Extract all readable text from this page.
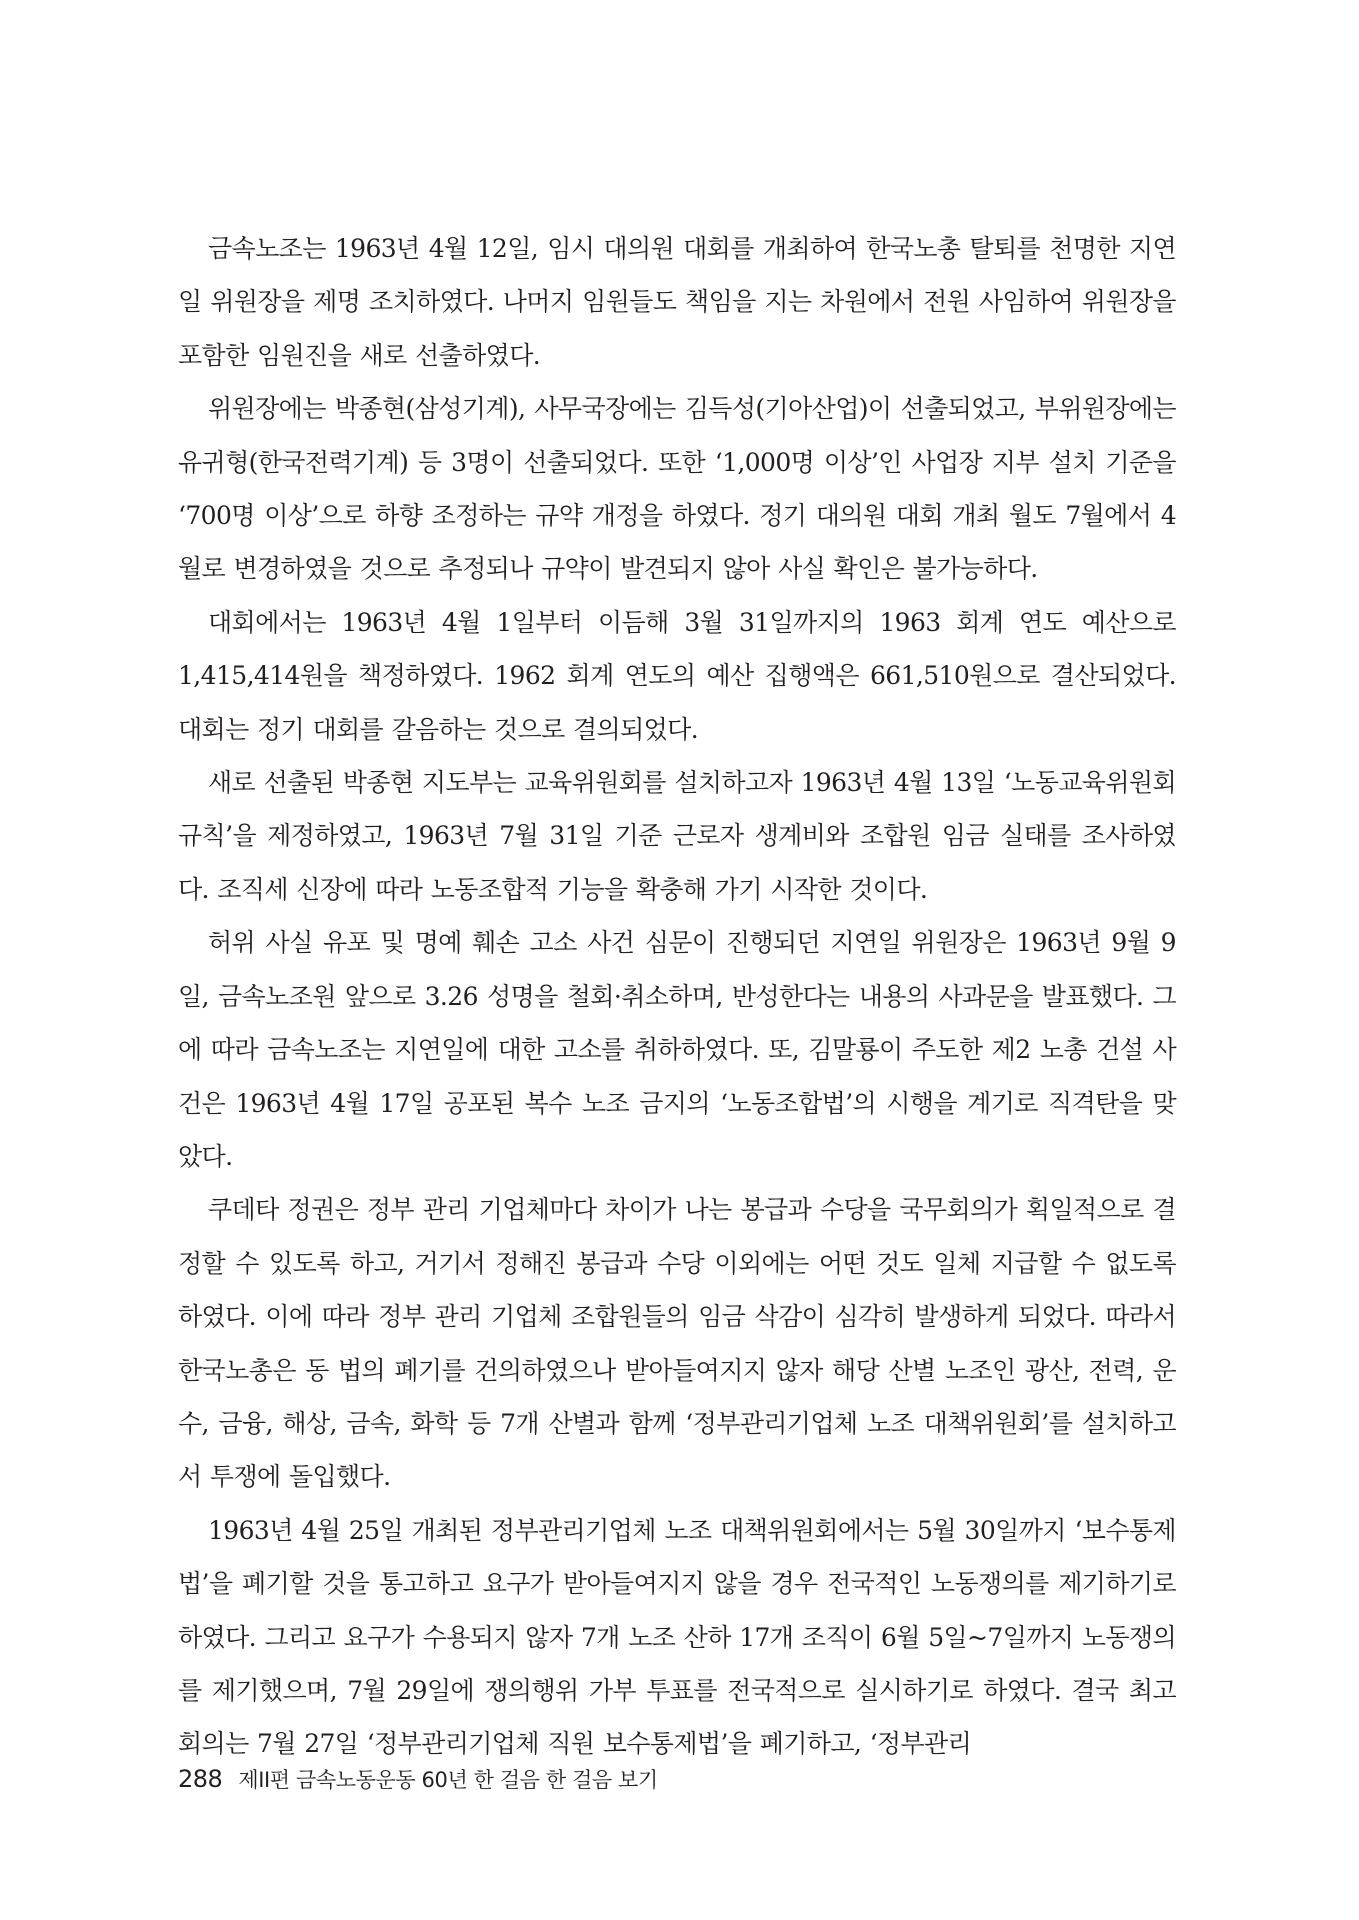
금속노조는 1963년 4월 12일, 임시 대의원 대회를 개최하여 한국노총 탈퇴를 천명한 지연일 위원장을 제명 조치하였다. 나머지 임원들도 책임을 지는 차원에서 전원 사임하여 위원장을 포함한 임원진을 새로 선출하였다.

위원장에는 박종현(삼성기계), 사무국장에는 김득성(기아산업)이 선출되었고, 부위원장에는 유귀형(한국전력기계) 등 3명이 선출되었다. 또한 ‘1,000명 이상’인 사업장 지부 설치 기준을 ‘700명 이상’으로 하향 조정하는 규약 개정을 하였다. 정기 대의원 대회 개최 월도 7월에서 4월로 변경하였을 것으로 추정되나 규약이 발견되지 않아 사실 확인은 불가능하다.

대회에서는 1963년 4월 1일부터 이듬해 3월 31일까지의 1963 회계 연도 예산으로 1,415,414원을 책정하였다. 1962 회계 연도의 예산 집행액은 661,510원으로 결산되었다. 대회는 정기 대회를 갈음하는 것으로 결의되었다.

새로 선출된 박종현 지도부는 교육위원회를 설치하고자 1963년 4월 13일 ‘노동교육위원회규칙’을 제정하였고, 1963년 7월 31일 기준 근로자 생계비와 조합원 임금 실태를 조사하였다. 조직세 신장에 따라 노동조합적 기능을 확충해 가기 시작한 것이다.

허위 사실 유포 및 명예 훼손 고소 사건 심문이 진행되던 지연일 위원장은 1963년 9월 9일, 금속노조원 앞으로 3.26 성명을 철회·취소하며, 반성한다는 내용의 사과문을 발표했다. 그에 따라 금속노조는 지연일에 대한 고소를 취하하였다. 또, 김말룡이 주도한 제2 노총 건설 사건은 1963년 4월 17일 공포된 복수 노조 금지의 ‘노동조합법’의 시행을 계기로 직격탄을 맞았다.

쿠데타 정권은 정부 관리 기업체마다 차이가 나는 봉급과 수당을 국무회의가 획일적으로 결정할 수 있도록 하고, 거기서 정해진 봉급과 수당 이외에는 어떤 것도 일체 지급할 수 없도록 하였다. 이에 따라 정부 관리 기업체 조합원들의 임금 삭감이 심각히 발생하게 되었다. 따라서 한국노총은 동 법의 폐기를 건의하였으나 받아들여지지 않자 해당 산별 노조인 광산, 전력, 운수, 금융, 해상, 금속, 화학 등 7개 산별과 함께 ‘정부관리기업체 노조 대책위원회’를 설치하고서 투쟁에 돌입했다.

1963년 4월 25일 개최된 정부관리기업체 노조 대책위원회에서는 5월 30일까지 ‘보수통제법’을 폐기할 것을 통고하고 요구가 받아들여지지 않을 경우 전국적인 노동쟁의를 제기하기로 하였다. 그리고 요구가 수용되지 않자 7개 노조 산하 17개 조직이 6월 5일~7일까지 노동쟁의를 제기했으며, 7월 29일에 쟁의행위 가부 투표를 전국적으로 실시하기로 하였다. 결국 최고회의는 7월 27일 ‘정부관리기업체 직원 보수통제법’을 폐기하고, ‘정부관리

288 제II편 금속노동운동 60년 한 걸음 한 걸음 보기
